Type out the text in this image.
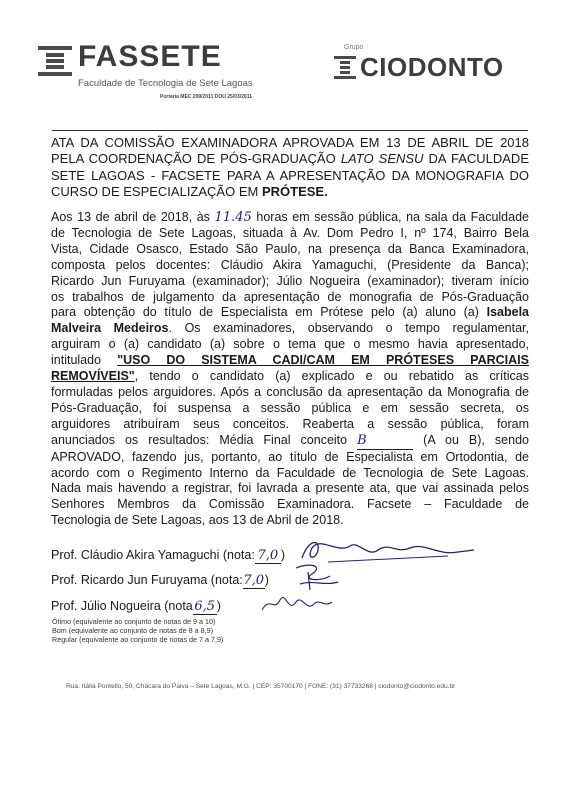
FASSETE
Faculdade de Tecnologia de Sete Lagoas
Portaria MEC 299/2011 DOU 25/03/2011
Grupo
CIODONTO
ATA DA COMISSÃO EXAMINADORA APROVADA EM 13 DE ABRIL DE 2018
PELA COORDENAÇÃO DE PÓS-GRADUAÇÃO LATO SENSU DA FACULDADE
SETE LAGOAS - FACSETE PARA A APRESENTAÇÃO DA MONOGRAFIA DO
CURSO DE ESPECIALIZAÇÃO EM PRÓTESE.
Aos 13 de abril de 2018, às 11.45 horas em sessão pública, na sala da Faculdade
de Tecnologia de Sete Lagoas, situada à Av. Dom Pedro I, nº 174, Bairro Bela
Vista, Cidade Osasco, Estado São Paulo, na presença da Banca Examinadora,
composta pelos docentes: Cláudio Akira Yamaguchi, (Presidente da Banca);
Ricardo Jun Furuyama (examinador); Júlio Nogueira (examinador); tiveram início
os trabalhos de julgamento da apresentação de monografia de Pós-Graduação
para obtenção do título de Especialista em Prótese pelo (a) aluno (a) Isabela
Malveira Medeiros. Os examinadores, observando o tempo regulamentar,
arguiram o (a) candidato (a) sobre o tema que o mesmo havia apresentado,
intitulado "USO DO SISTEMA CADI/CAM EM PRÓTESES PARCIAIS
REMOVÍVEIS", tendo o candidato (a) explicado e ou rebatido as críticas
formuladas pelos arguidores. Após a conclusão da apresentação da Monografia de
Pós-Graduação, foi suspensa a sessão pública e em sessão secreta, os
arguidores atribuíram seus conceitos. Reaberta a sessão pública, foram
anunciados os resultados: Média Final conceito B	(A ou B), sendo
APROVADO, fazendo jus, portanto, ao título de Especialista em Ortodontia, de
acordo com o Regimento Interno da Faculdade de Tecnologia de Sete Lagoas.
Nada mais havendo a registrar, foi lavrada a presente ata, que vai assinada pelos
Senhores Membros da Comissão Examinadora. Facsete – Faculdade de
Tecnologia de Sete Lagoas, aos 13 de Abril de 2018.
Prof. Cláudio Akira Yamaguchi (nota: 7,0 )
Prof. Ricardo Jun Furuyama (nota:7,0)
Prof. Júlio Nogueira (nota 6,5 )
Ótimo (equivalente ao conjunto de notas de 9 a 10)
Bom (equivalente ao conjunto de notas de 8 a 8,9)
Regular (equivalente ao conjunto de notas de 7 a 7,9)
Rua: Itália Pontello, 50, Chácara do Paiva – Sete Lagoas, M.G. | CEP: 35700170 | FONE: (31) 37733268 | ciodonto@ciodonto.edu.br
